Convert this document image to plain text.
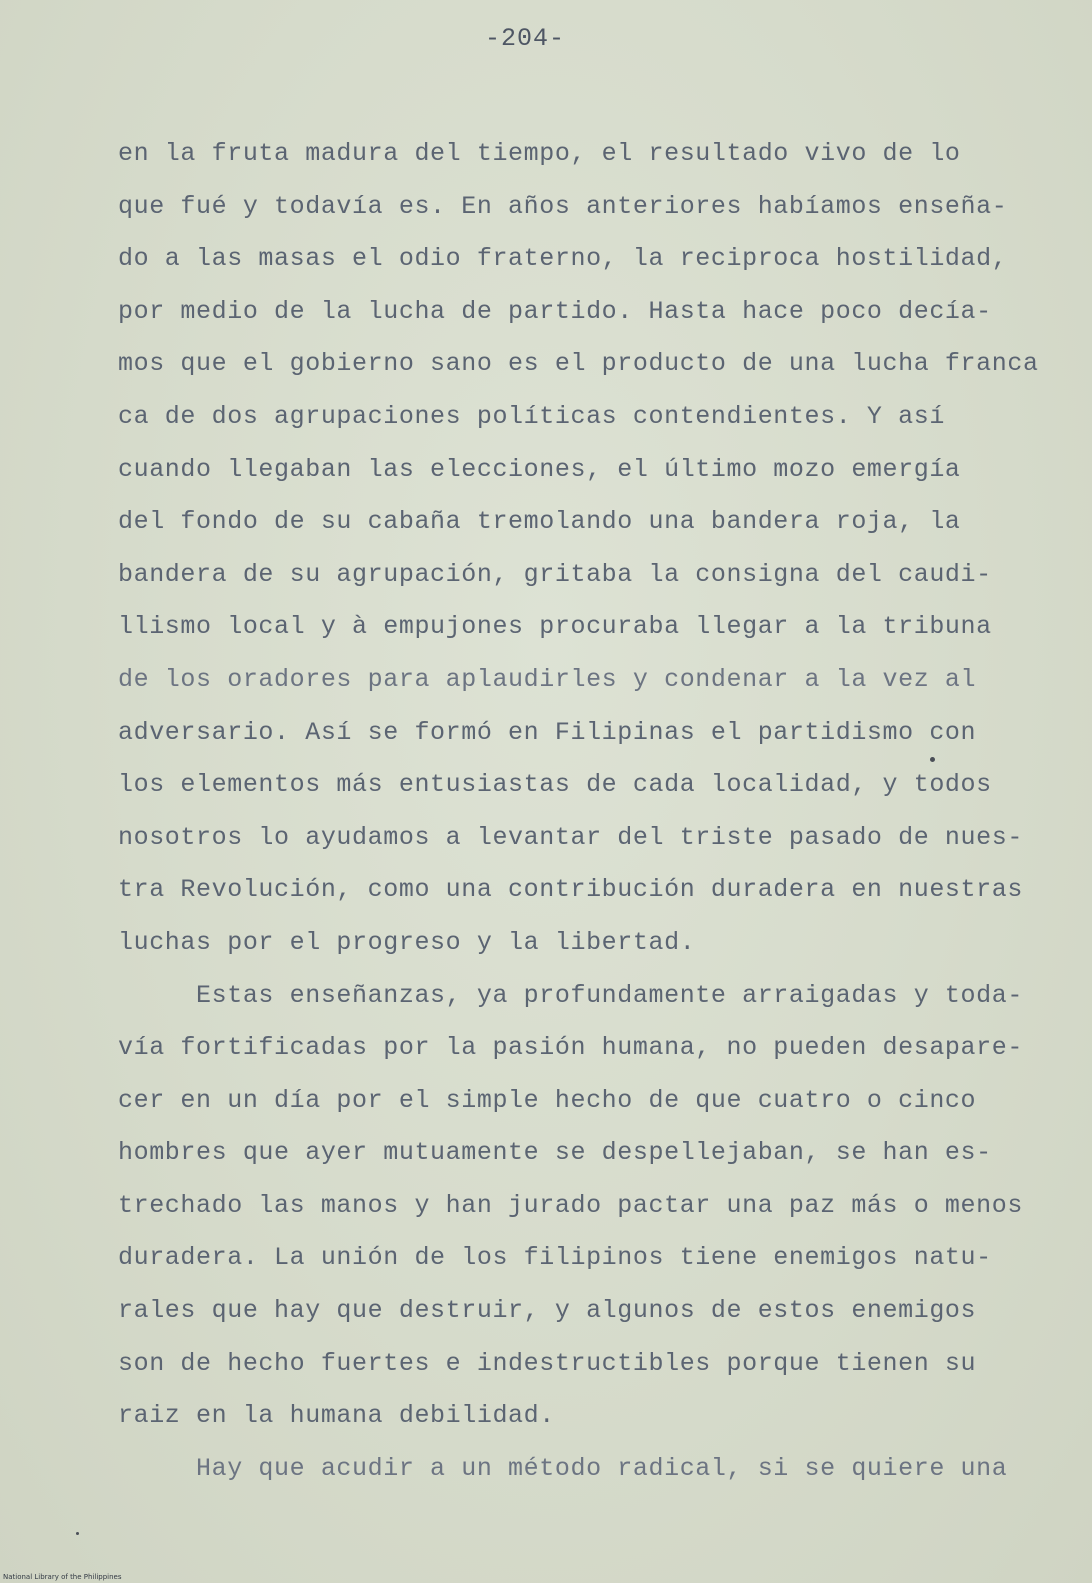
-204-
en la fruta madura del tiempo, el resultado vivo de lo
que fué y todavía es. En años anteriores habíamos enseña-
do a las masas el odio fraterno, la reciproca hostilidad,
por medio de la lucha de partido. Hasta hace poco decía-
mos que el gobierno sano es el producto de una lucha franca
ca de dos agrupaciones políticas contendientes. Y así
cuando llegaban las elecciones, el último mozo emergía
del fondo de su cabaña tremolando una bandera roja, la
bandera de su agrupación, gritaba la consigna del caudi-
llismo local y à empujones procuraba llegar a la tribuna
de los oradores para aplaudirles y condenar a la vez al
adversario. Así se formó en Filipinas el partidismo con
los elementos más entusiastas de cada localidad, y todos
nosotros lo ayudamos a levantar del triste pasado de nues-
tra Revolución, como una contribución duradera en nuestras
luchas por el progreso y la libertad.
Estas enseñanzas, ya profundamente arraigadas y toda-
vía fortificadas por la pasión humana, no pueden desapare-
cer en un día por el simple hecho de que cuatro o cinco
hombres que ayer mutuamente se despellejaban, se han es-
trechado las manos y han jurado pactar una paz más o menos
duradera. La unión de los filipinos tiene enemigos natu-
rales que hay que destruir, y algunos de estos enemigos
son de hecho fuertes e indestructibles porque tienen su
raiz en la humana debilidad.
Hay que acudir a un método radical, si se quiere una
National Library of the Philippines
